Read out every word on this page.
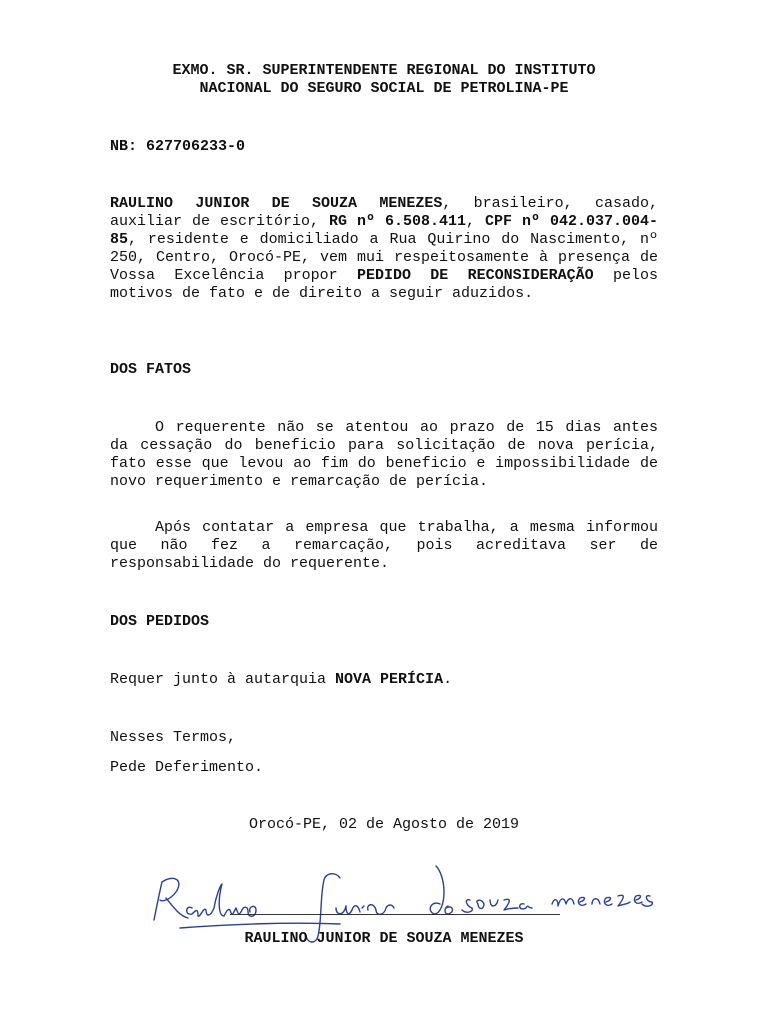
EXMO. SR. SUPERINTENDENTE REGIONAL DO INSTITUTO
NACIONAL DO SEGURO SOCIAL DE PETROLINA-PE
NB: 627706233-0
RAULINO JUNIOR DE SOUZA MENEZES, brasileiro, casado, auxiliar de escritório, RG nº 6.508.411, CPF nº 042.037.004-85, residente e domiciliado a Rua Quirino do Nascimento, nº 250, Centro, Orocó-PE, vem mui respeitosamente à presença de Vossa Excelência propor PEDIDO DE RECONSIDERAÇÃO pelos motivos de fato e de direito a seguir aduzidos.
DOS FATOS
O requerente não se atentou ao prazo de 15 dias antes da cessação do beneficio para solicitação de nova perícia, fato esse que levou ao fim do beneficio e impossibilidade de novo requerimento e remarcação de perícia.
Após contatar a empresa que trabalha, a mesma informou que não fez a remarcação, pois acreditava ser de responsabilidade do requerente.
DOS PEDIDOS
Requer junto à autarquia NOVA PERÍCIA.
Nesses Termos,
Pede Deferimento.
Orocó-PE, 02 de Agosto de 2019
Raulino Junior de souza menezes
RAULINO JUNIOR DE SOUZA MENEZES
